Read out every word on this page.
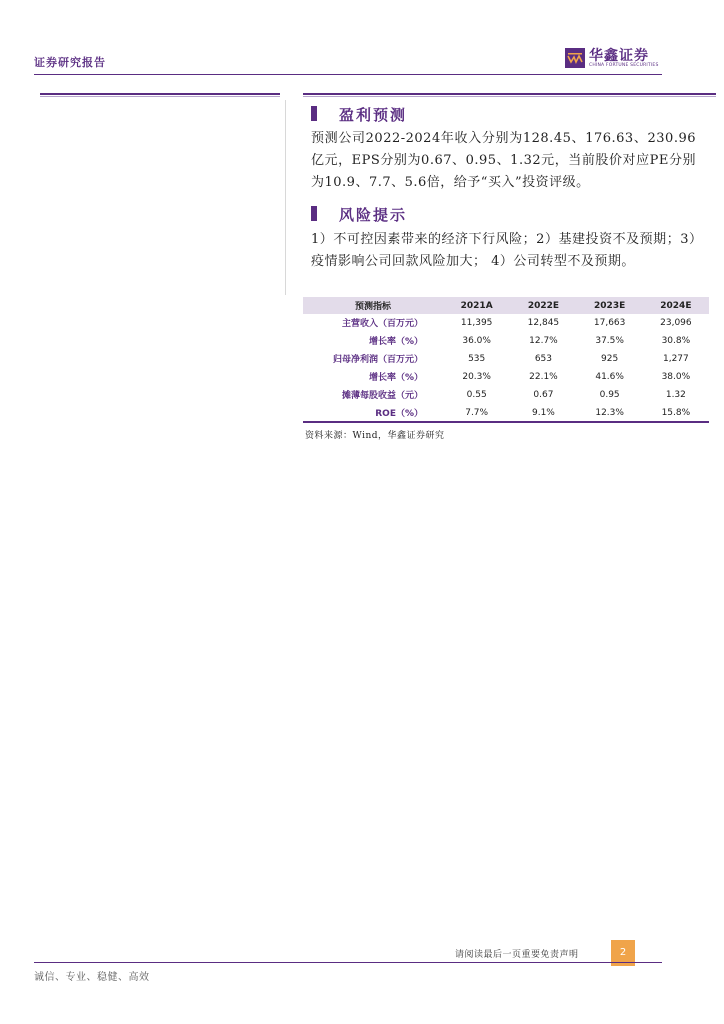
证券研究报告	华鑫证券
CHINA FORTUNE SECURITIES
盈利预测
预测公司2022-2024年收入分别为128.45、176.63、230.96亿元，EPS分别为0.67、0.95、1.32元，当前股价对应PE分别为10.9、7.7、5.6倍，给予“买入”投资评级。
风险提示
1）不可控因素带来的经济下行风险；2）基建投资不及预期；3）疫情影响公司回款风险加大； 4）公司转型不及预期。
预测指标	2021A	2022E	2023E	2024E
主营收入（百万元）	11,395	12,845	17,663	23,096
增长率（%）	36.0%	12.7%	37.5%	30.8%
归母净利润（百万元）	535	653	925	1,277
增长率（%）	20.3%	22.1%	41.6%	38.0%
摊薄每股收益（元）	0.55	0.67	0.95	1.32
ROE（%）	7.7%	9.1%	12.3%	15.8%
资料来源：Wind，华鑫证券研究
请阅读最后一页重要免责声明	2
诚信、专业、稳健、高效
